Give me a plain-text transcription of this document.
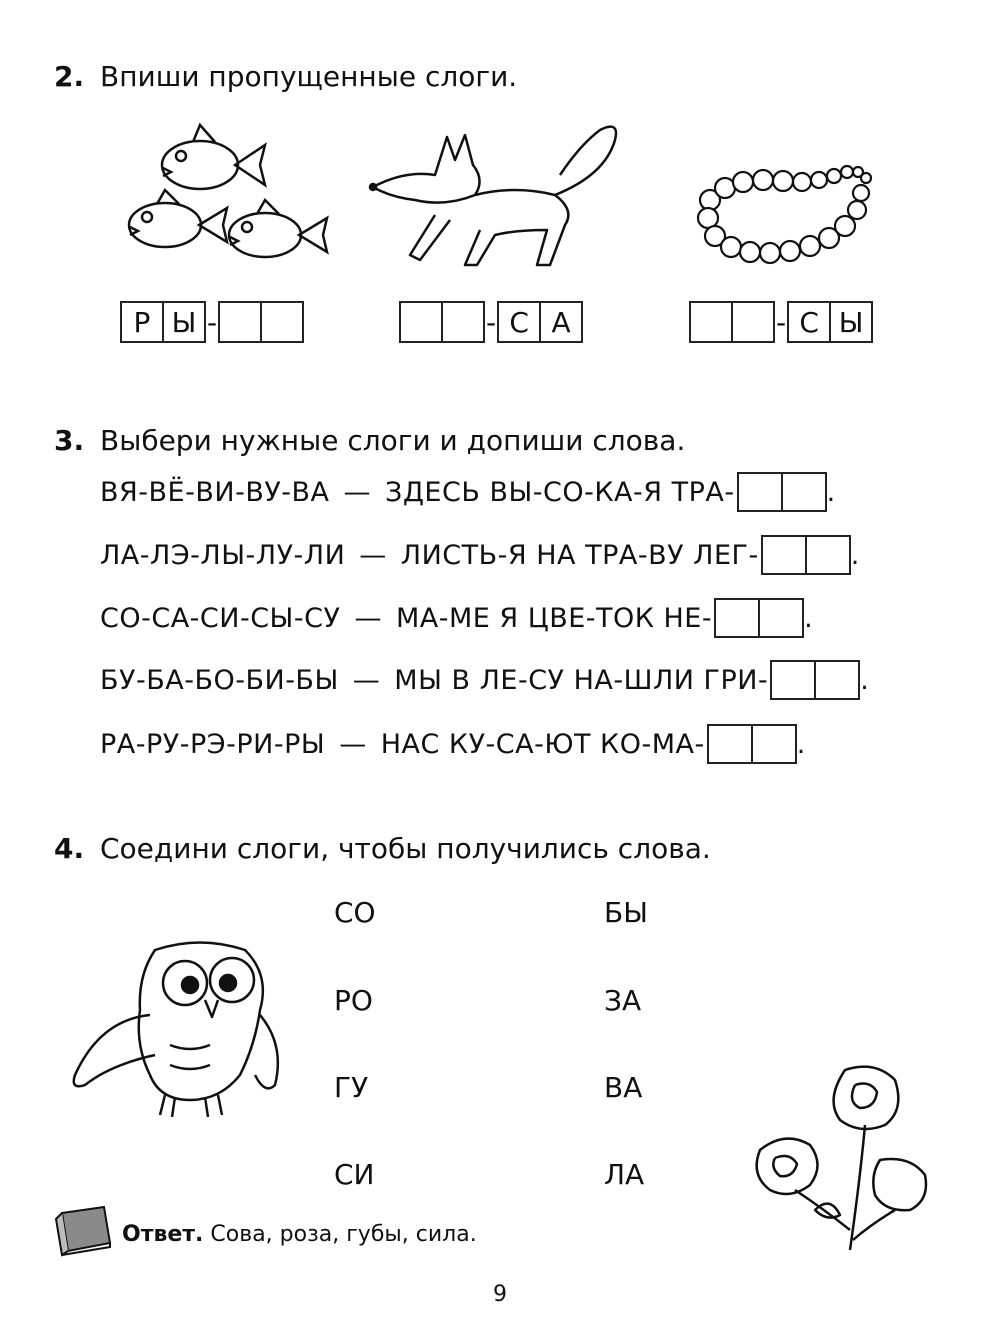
2. Впиши пропущенные слоги.
Р Ы -	- С А	- С Ы
3. Выбери нужные слоги и допиши слова.
ВЯ-ВЁ-ВИ-ВУ-ВА — ЗДЕСЬ ВЫ-СО-КА-Я ТРА-	.
ЛА-ЛЭ-ЛЫ-ЛУ-ЛИ — ЛИСТЬ-Я НА ТРА-ВУ ЛЕГ-	.
СО-СА-СИ-СЫ-СУ — МА-МЕ Я ЦВЕ-ТОК НЕ-	.
БУ-БА-БО-БИ-БЫ — МЫ В ЛЕ-СУ НА-ШЛИ ГРИ-	.
РА-РУ-РЭ-РИ-РЫ — НАС КУ-СА-ЮТ КО-МА-	.
4. Соедини слоги, чтобы получились слова.
СО
РО
ГУ
СИ
БЫ
ЗА
ВА
ЛА
Ответ. Сова, роза, губы, сила.
9
